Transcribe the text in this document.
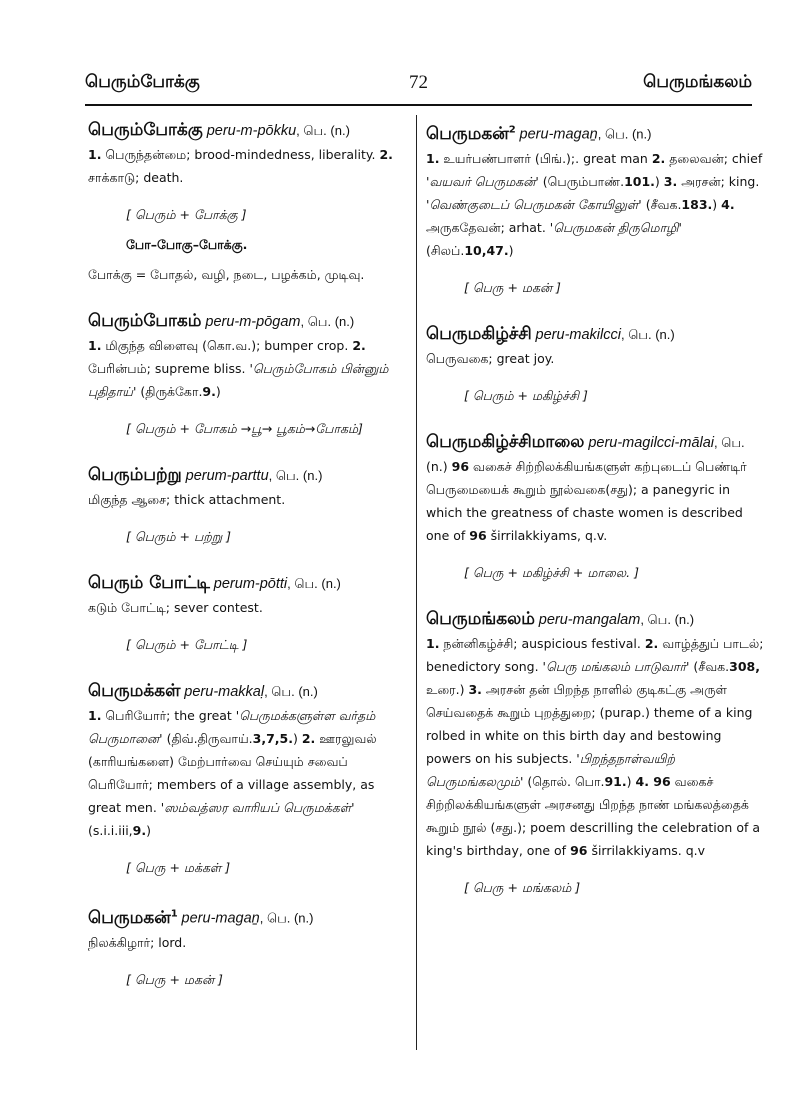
பெரும்போக்கு	72	பெருமங்கலம்
பெரும்போக்கு peru-m-pōkku, பெ. (n.)

1. பெருந்தன்மை; brood-mindedness, liberality. 2. சாக்காடு; death.

[ பெரும் + போக்கு ]
போ–போகு–போக்கு.
போக்கு = போதல், வழி, நடை, பழக்கம், முடிவு.
பெரும்போகம் peru-m-pōgam, பெ. (n.)

1. மிகுந்த விளைவு (கொ.வ.); bumper crop. 2. பேரின்பம்; supreme bliss. 'பெரும்போகம் பின்னும் புதிதாய்' (திருக்கோ.9.)

[ பெரும் + போகம் →பூ→ பூகம்→போகம்]
பெரும்பற்று perum-parttu, பெ. (n.)

மிகுந்த ஆசை; thick attachment.

[ பெரும் + பற்று ]
பெரும் போட்டி perum-pōtti, பெ. (n.)

கடும் போட்டி; sever contest.

[ பெரும் + போட்டி ]
பெருமக்கள் peru-makkaḷ, பெ. (n.)

1. பெரியோர்; the great 'பெருமக்களுள்ள வர்தம் பெருமானை' (திவ்.திருவாய்.3,7,5.) 2. ஊரலுவல் (காரியங்களை) மேற்பார்வை செய்யும் சவைப் பெரியோர்; members of a village assembly, as great men. 'ஸம்வத்ஸர வாரியப் பெருமக்கள்' (s.i.i.iii,9.)

[ பெரு + மக்கள் ]
பெருமகன்$^1$ peru-magaṉ, பெ. (n.)

நிலக்கிழார்; lord.

[ பெரு + மகன் ]
பெருமகன்$^2$ peru-magaṉ, பெ. (n.)

1. உயர்பண்பாளர் (பிங்.);. great man 2. தலைவன்; chief 'வயவர் பெருமகன்' (பெரும்பாண்.101.) 3. அரசன்; king. 'வெண்குடைப் பெருமகன் கோயிலுள்' (சீவக.183.) 4. அருகதேவன்; arhat. 'பெருமகன் திருமொழி' (சிலப்.10,47.)

[ பெரு + மகன் ]
பெருமகிழ்ச்சி peru-makilcci, பெ. (n.)

பெருவகை; great joy.

[ பெரும் + மகிழ்ச்சி ]
பெருமகிழ்ச்சிமாலை peru-magilcci-mālai, பெ.

(n.) 96 வகைச் சிற்றிலக்கியங்களுள் கற்புடைப் பெண்டிர் பெருமையைக் கூறும் நூல்வகை(சது); a panegyric in which the greatness of chaste women is described one of 96 širrilakkiyams, q.v.

[ பெரு + மகிழ்ச்சி + மாலை. ]
பெருமங்கலம் peru-mangalam, பெ. (n.)

1. நன்னிகழ்ச்சி; auspicious festival. 2. வாழ்த்துப் பாடல்; benedictory song. 'பெரு மங்கலம் பாடுவார்' (சீவக.308, உரை.) 3. அரசன் தன் பிறந்த நாளில் குடிகட்கு அருள் செய்வதைக் கூறும் புறத்துறை; (purap.) theme of a king rolbed in white on this birth day and bestowing powers on his subjects. 'பிறந்தநாள்வயிற் பெருமங்கலமும்' (தொல். பொ.91.) 4. 96 வகைச் சிற்றிலக்கியங்களுள் அரசனது பிறந்த நாண் மங்கலத்தைக் கூறும் நூல் (சது.); poem descrilling the celebration of a king's birthday, one of 96 širrilakkiyams. q.v

[ பெரு + மங்கலம் ]
